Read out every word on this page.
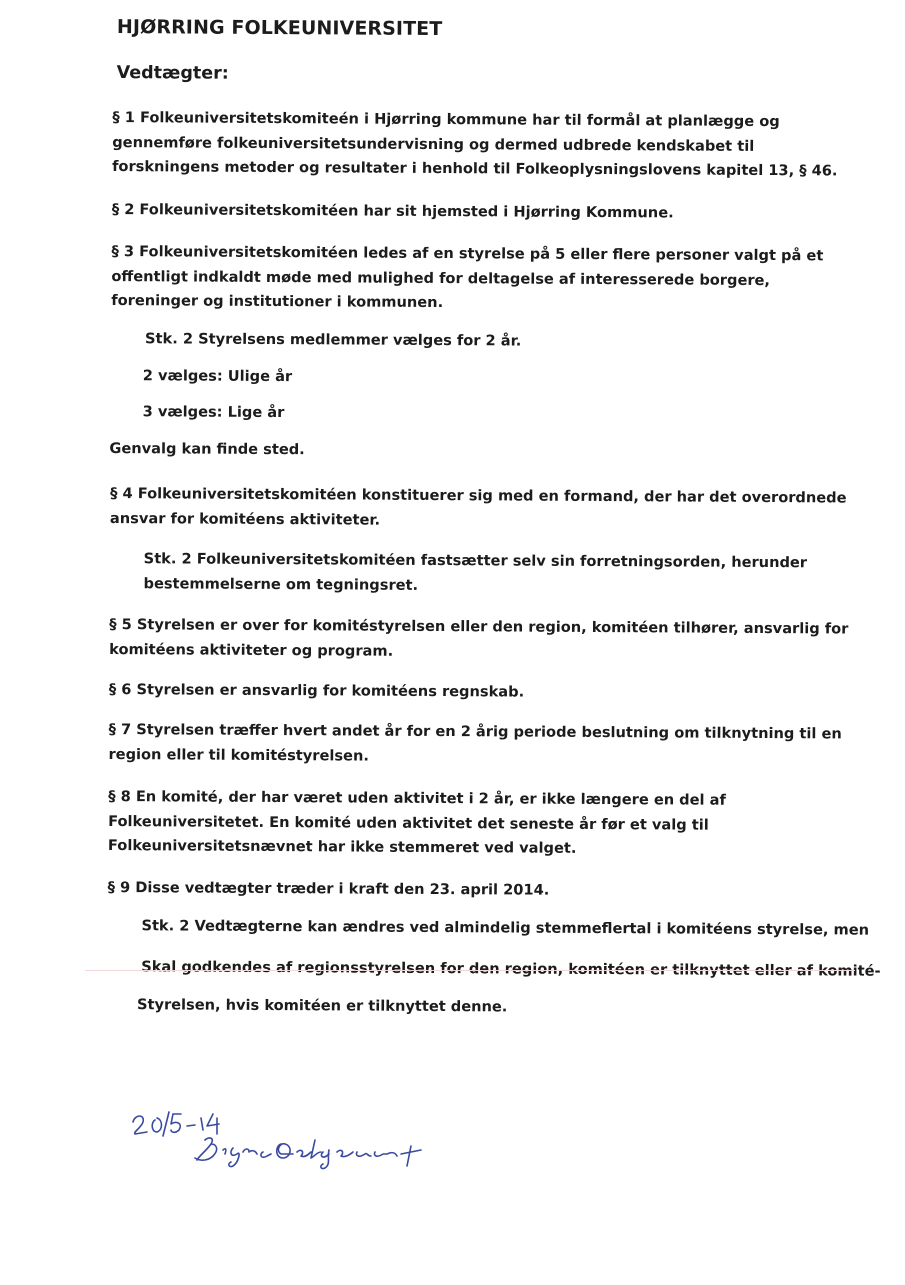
HJØRRING FOLKEUNIVERSITET
Vedtægter:

§ 1 Folkeuniversitetskomiteén i Hjørring kommune har til formål at planlægge og gennemføre folkeuniversitetsundervisning og dermed udbrede kendskabet til forskningens metoder og resultater i henhold til Folkeoplysningslovens kapitel 13, § 46.

§ 2 Folkeuniversitetskomitéen har sit hjemsted i Hjørring Kommune.

§ 3 Folkeuniversitetskomitéen ledes af en styrelse på 5 eller flere personer valgt på et offentligt indkaldt møde med mulighed for deltagelse af interesserede borgere, foreninger og institutioner i kommunen.

Stk. 2 Styrelsens medlemmer vælges for 2 år.

2 vælges: Ulige år

3 vælges: Lige år

Genvalg kan finde sted.

§ 4 Folkeuniversitetskomitéen konstituerer sig med en formand, der har det overordnede ansvar for komitéens aktiviteter.

Stk. 2 Folkeuniversitetskomitéen fastsætter selv sin forretningsorden, herunder bestemmelserne om tegningsret.

§ 5 Styrelsen er over for komitéstyrelsen eller den region, komitéen tilhører, ansvarlig for komitéens aktiviteter og program.

§ 6 Styrelsen er ansvarlig for komitéens regnskab.

§ 7 Styrelsen træffer hvert andet år for en 2 årig periode beslutning om tilknytning til en region eller til komitéstyrelsen.

§ 8 En komité, der har været uden aktivitet i 2 år, er ikke længere en del af Folkeuniversitetet. En komité uden aktivitet det seneste år før et valg til Folkeuniversitetsnævnet har ikke stemmeret ved valget.

§ 9 Disse vedtægter træder i kraft den 23. april 2014.

Stk. 2 Vedtægterne kan ændres ved almindelig stemmeflertal i komitéens styrelse, men

Skal godkendes af regionsstyrelsen for den region, komitéen er tilknyttet eller af komité-

Styrelsen, hvis komitéen er tilknyttet denne.
